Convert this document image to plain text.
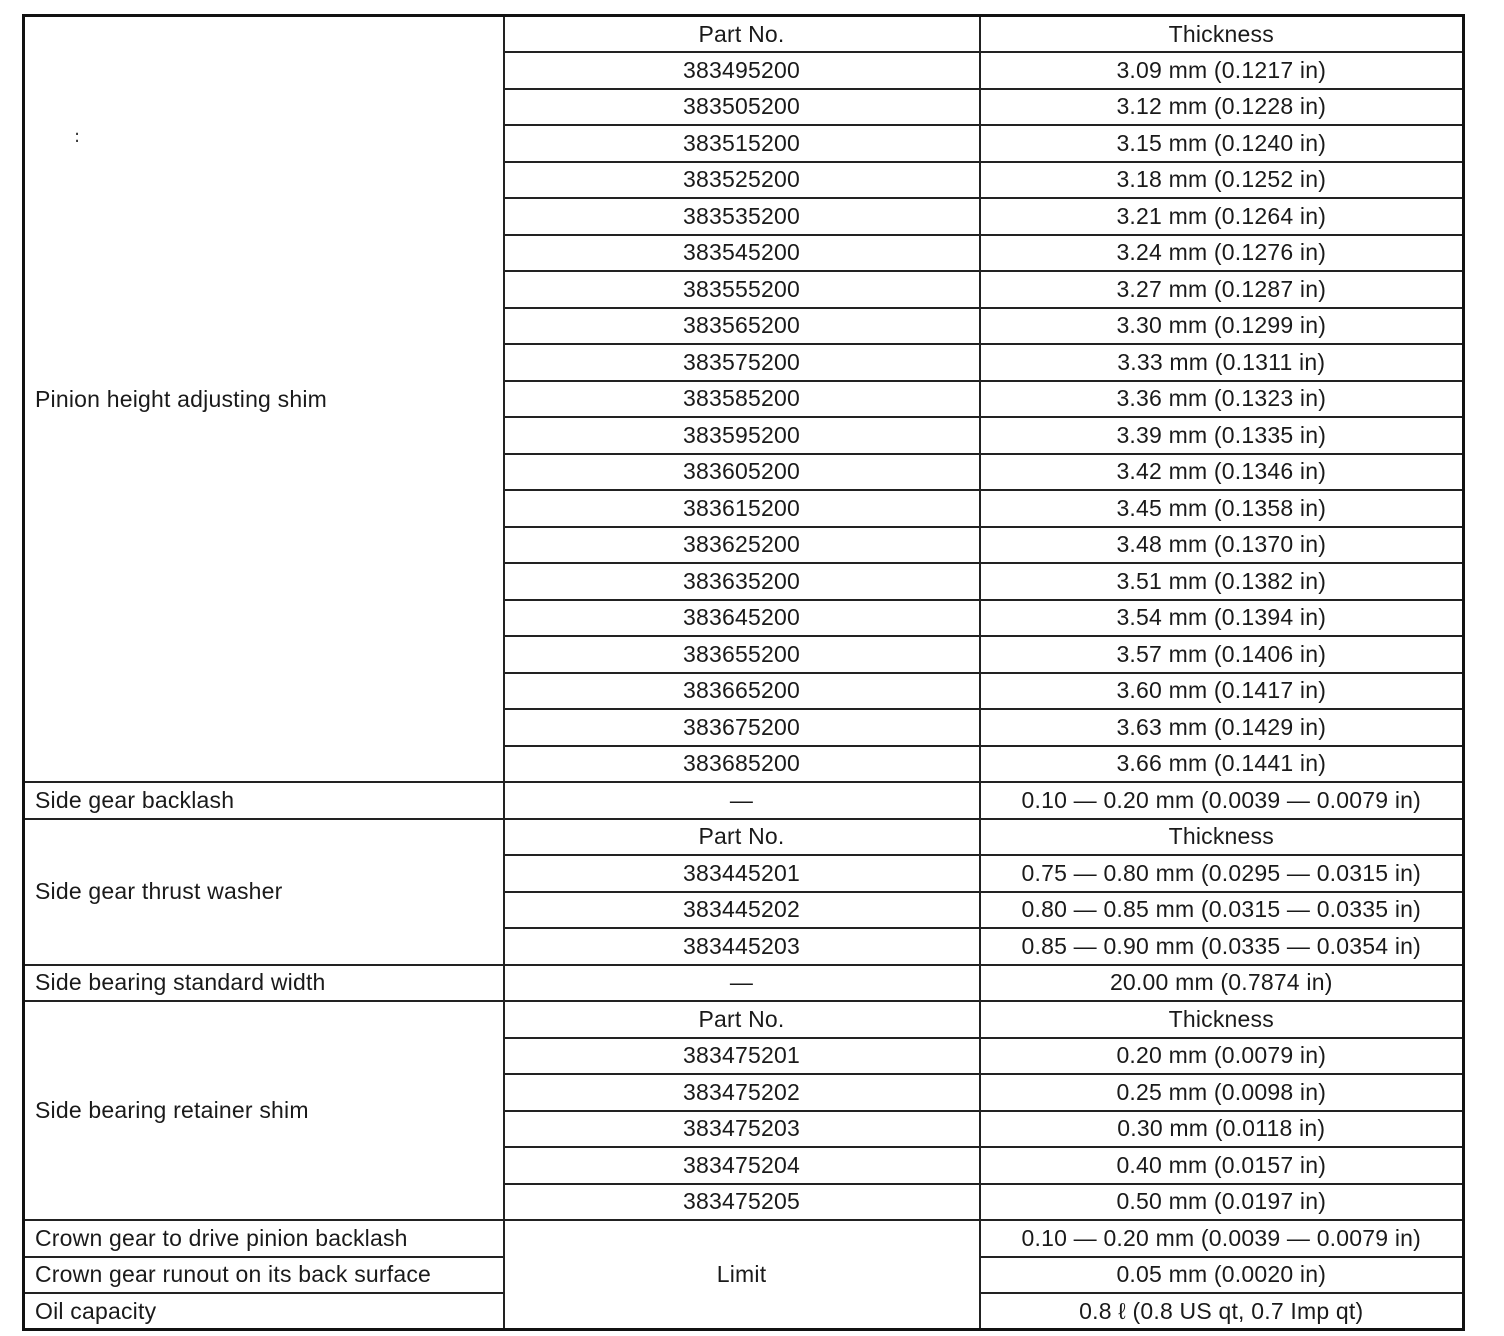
:
Pinion height adjusting shim	Part No.	Thickness
	383495200	3.09 mm (0.1217 in)
	383505200	3.12 mm (0.1228 in)
	383515200	3.15 mm (0.1240 in)
	383525200	3.18 mm (0.1252 in)
	383535200	3.21 mm (0.1264 in)
	383545200	3.24 mm (0.1276 in)
	383555200	3.27 mm (0.1287 in)
	383565200	3.30 mm (0.1299 in)
	383575200	3.33 mm (0.1311 in)
	383585200	3.36 mm (0.1323 in)
	383595200	3.39 mm (0.1335 in)
	383605200	3.42 mm (0.1346 in)
	383615200	3.45 mm (0.1358 in)
	383625200	3.48 mm (0.1370 in)
	383635200	3.51 mm (0.1382 in)
	383645200	3.54 mm (0.1394 in)
	383655200	3.57 mm (0.1406 in)
	383665200	3.60 mm (0.1417 in)
	383675200	3.63 mm (0.1429 in)
	383685200	3.66 mm (0.1441 in)
Side gear backlash	—	0.10 — 0.20 mm (0.0039 — 0.0079 in)
Side gear thrust washer	Part No.	Thickness
	383445201	0.75 — 0.80 mm (0.0295 — 0.0315 in)
	383445202	0.80 — 0.85 mm (0.0315 — 0.0335 in)
	383445203	0.85 — 0.90 mm (0.0335 — 0.0354 in)
Side bearing standard width	—	20.00 mm (0.7874 in)
Side bearing retainer shim	Part No.	Thickness
	383475201	0.20 mm (0.0079 in)
	383475202	0.25 mm (0.0098 in)
	383475203	0.30 mm (0.0118 in)
	383475204	0.40 mm (0.0157 in)
	383475205	0.50 mm (0.0197 in)
Crown gear to drive pinion backlash	Limit	0.10 — 0.20 mm (0.0039 — 0.0079 in)
Crown gear runout on its back surface		0.05 mm (0.0020 in)
Oil capacity		0.8 ℓ (0.8 US qt, 0.7 Imp qt)
